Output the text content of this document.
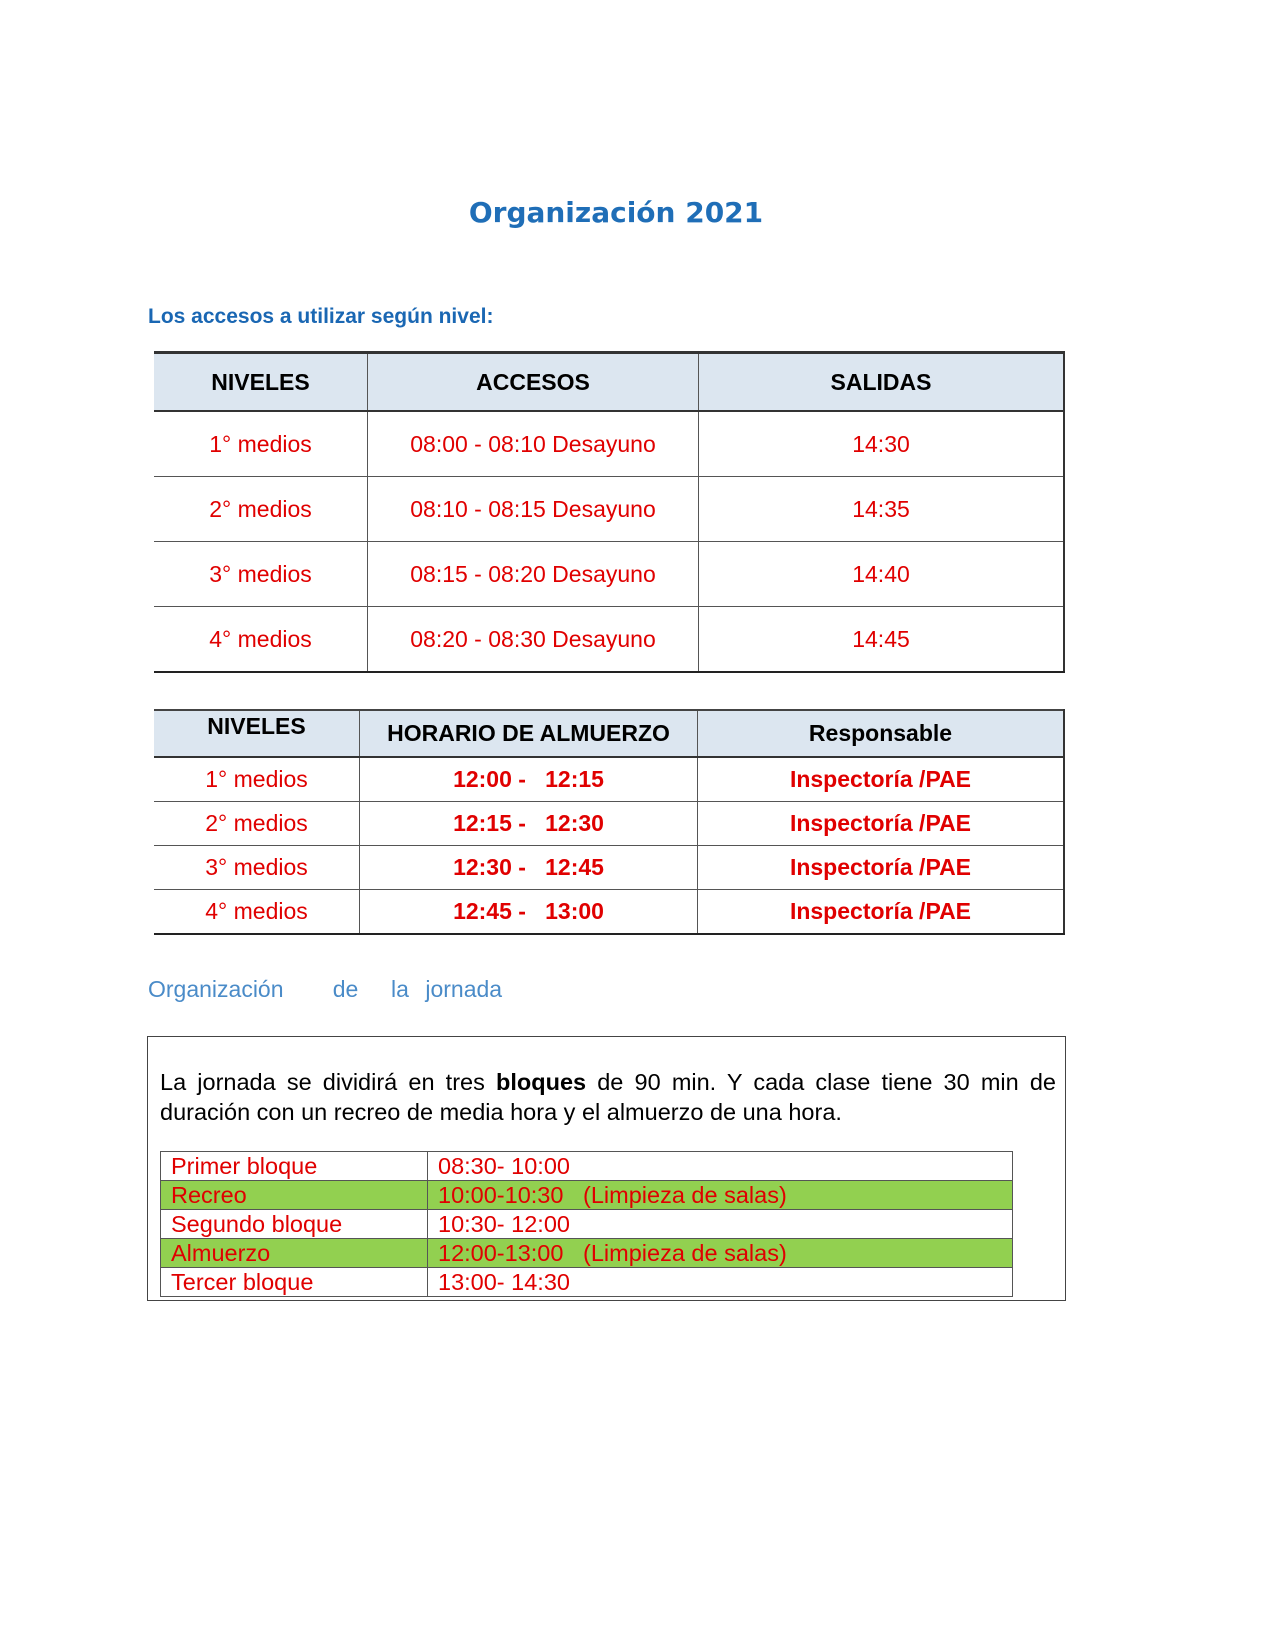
Organización 2021
Los accesos a utilizar según nivel:
NIVELES	ACCESOS	SALIDAS
1° medios	08:00 - 08:10 Desayuno	14:30
2° medios	08:10 - 08:15 Desayuno	14:35
3° medios	08:15 - 08:20 Desayuno	14:40
4° medios	08:20 - 08:30 Desayuno	14:45
NIVELES	HORARIO DE ALMUERZO	Responsable
1° medios	12:00 -   12:15	Inspectoría /PAE
2° medios	12:15 -   12:30	Inspectoría /PAE
3° medios	12:30 -   12:45	Inspectoría /PAE
4° medios	12:45 -   13:00	Inspectoría /PAE
Organización   de  la jornada

La jornada se dividirá en tres bloques de 90 min. Y cada clase tiene 30 min de duración con un recreo de media hora y el almuerzo de una hora.

Primer bloque	08:30- 10:00
Recreo	10:00-10:30   (Limpieza de salas)
Segundo bloque	10:30- 12:00
Almuerzo	12:00-13:00   (Limpieza de salas)
Tercer bloque	13:00- 14:30
